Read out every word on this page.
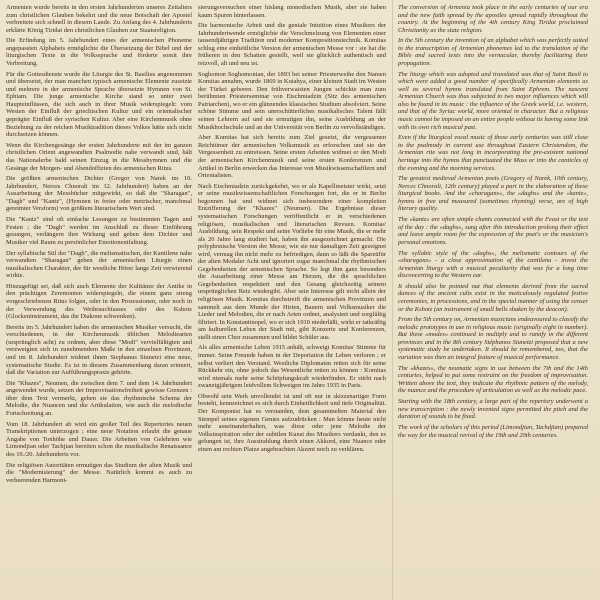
Armenien wurde bereits in den ersten Jahrhunderten unseres Zeitalters zum christlichen Glauben bekehrt und die neue Botschaft der Apostel verbreitete sich schnell in diesem Lande. Zu Anfang des 4. Jahrhunderts erklärte König Tiridat den christlichen Glauben zur Staatsreligion.

Die Erfindung im 5. Jahrhundert eines der armenischen Phoneme angepassten Alphabets ermöglichte die Übersetzung der Bibel und der liturgischen Texte in die Volkssprache und förderte somit ihre Verbreitung.

Für die Gottesdienste wurde die Liturgie des St. Basilius angenommen und übersetzt, der man manchen typisch armenische Elemente zusetzte und mehrere in der armenische Sprache übersetzte Hymnen von St. Ephiam. Die junge armenische Kirche stand so unter zwei Haupteinflüssen, die sich auch in ihrer Musik widerspiegelt: vom Westen der Einfluß der griechischen Kultur und ein orientalischer geprägter Einfluß der syrischen Kultur. Aber eine Kirchenmusik ohne Beziehung zu der reichen Musiktradition dieses Volkes hätte sich nicht durchsetzen können.

Wenn die Kirchengesänge der ersten Jahrhunderte mit der im ganzen christlichen Orient angewandten Psalmodie nahe verwandt sind, hält das Nationalerbe bald seinen Einzug in die Messhymnen und die Gesänge der Morgen- und Abendoffizien des armenischen Ritus.

Die größten armenischen Dichter (Gregor von Narek im 10. Jahrhundert, Nerces Chnorali im 12. Jahrhundert) haben an der Ausarbeitung der Messbücher mitgewirkt, so daß die "Sharagan", "Dagh" und "Kantz", (Hymnen in freier oder metrischer, manchmal gereimter Versform) von größtem literarischem Wert sind.

Die "Kantz" sind oft einfache Lesungen zu bestimmten Tagen und Festen ; die "Dagh" werden im Anschluß zu dieser Einführung gesungen, verlängern ihre Wirkung und geben dem Dichter und Musiker viel Raum zu persönlicher Emotionentfaltung.

Der syllabische Stil der "Dagh", die melismatischen, der Kantilene nahe verwandten "Sharagan" geben der armenischen Liturgie einen musikalischen Charakter, der für westliche Hörer lange Zeit verwierend wirkte.

Hinzugefügt sei, daß sich auch Elemente der Kulttänze der Antike in den prächtigen Zeremonien widerspiegeln, die einem ganz streng vorgeschriebenen Ritus folgen, oder in den Prozessionen, oder noch in der Verwendung des Weihrauchfasses oder des Kshotz (Glockeninstrument, das die Diakone schwenken).

Bereits im 5. Jahrhundert haben die armenischen Musiker versucht, die verschiedenen, in der Kirchenmusik üblichen Melodiearten (ursprünglich acht) zu ordnen, aber diese "Modi" vervielfältigten und verzweigten sich in zunehmendem Maße in den einzelnen Provinzen, und im 8. Jahrhundert widmet ihnen Stephanus Siunetzi eine neue, systematische Studie. Es ist in diesem Zusammenhang daran erinnert, daß die Variation zur Aufführungspraxis gehörte.

Die "Khazes", Neumen, die zwischen dem 7. und dem 14. Jahrhundert angewendet wurde, setzen der Improvisationsfreiheit gewisse Grenzen : über dem Text vermerkt, geben sie das rhythmische Schema der Melodie, die Nuancen und die Artikulation, wie auch die melodische Fortschreitung an.

Vom 18. Jahrhundert ab wird ein großer Teil des Repertories neuen Transkriptionen unterzogen ; eine neue Notation erlaubt die genaue Angabe von Tonhöhe und Dauer. Die Arbeiten von Gelehrten wie Limondjian oder Tachjian bereiten schon die musikalische Renaissance des 19./20. Jahrhunderts vor.

Die religiösen Autoritäten ermutigen das Studium der alten Musik und die "Modernisierung" der Messe. Natürlich kommt es auch zu verheerenden Harmoni-

sierungsversuchen einer hislang monodischen Musik, aber sie haben kaum Spuren hinterlassen.

Die harmonische Arbeit und die geniale Intuition eines Musikers der Jahrhundertwende ermöglichte die Verschmelzung von Elementen einer tausendjährigen Tradition und moderner Kompositionstechnik. Komitas schlug eine einheitliche Version der armenischen Messe vor : sie hat die früheren in den Schatten gestellt, weil sie glücklich authentisch und reizvoll, alt und neu ist.

Soghomon Soghomonian, der 1893 bei seiner Priesterweihe den Namen Komitas annahm, wurde 1869 in Kutahya, einer kleinen Stadt im Westen der Türkei geboren. Den frühverwaisten Jungen schickte man zum berühmten Priesterseminar von Etschmiadzin (Sitz des armenischen Patriarchen), wo er ein glänzendes klassisches Studium absolviert. Seine schöne Stimme und sein unerschütterliches musikalisches Talent fällt seinen Lehrern auf und sie ermutigen ihn, seine Ausbildung an der Musikhochschule und an der Universität von Berlin zu vervollständigen.

Aber Komitas hat sich bereits zum Ziel gesetzt, die vergessenen Reichtümer der armenischen Volksmusik zu erforschen und sie der Vergessenheit zu entreissen. Seine ersten Arbeiten widmet er den Modi der armenischen Kirchenmusik und seine ersten Konferenzen und Artikel in Berlin erwecken das Interesse von Musikwissenschaftlern und Orientalisten.

Nach Etschmiadzin zurückgekehrt, wo er als Kapellmeister wirkt, setzt er seine musikwissenschaftlichen Forschungen fort, die er in Berlin begonnen hat und widmet sich insbesondere einer kompletten Entzifferung der "Khazes" (Neumen). Die Ergebnisse dieser systematischen Forschungen veröffentlicht er in verschiedenen religiösen, musikalischen und literarischen Revuen. Komitas' Ausbildung, sein Respekt und seine Vorliebe für eine Musik, die er mehr als 20 Jahre lang studiert hat, haben ihn ausgezeichnet gemacht. Die polyphonische Version der Messe, wie sie nur damaligen Zeit gezeignet wird, vermag ihn nicht mehr zu befriedigen, dann so läßt die Sparzüfür der alten Modaler Acht und ignoriert sogar manchmal die rhythmischen Gegebenheiten der armenischen Sprache. So legt ihm ganz besonders die Ausarbeitung einer Messe am Herzen, die die sprachlichen Gegebenheiten respektiert und den Gesang gleichzeitig seinem ursprünglichen Reiz wiedergibt. Aber sein Interesse gilt nicht allein der religiösen Musik. Komitas durchstreift die armenischen Provinzen und sammelt aus dem Munde der Hirten, Bauern und Volksmusiker die Lieder und Melodien, die er nach Arten ordnet, analysiert und sorgfältig filtriert. In Konstantinopel, wo er sich 1910 niederläßt, wirkt er tatkräftig am kulturellen Leben der Stadt mit, gibt Konzerte und Konferenzen, stellt einen Chor zusammen und bildet Schüler aus.

Als alles armenische Leben 1915 anhält, schweigt Komitas' Stimme für immer. Seine Freunde haben in der Deportation ihr Leben verloren ; er selbst verliert den Verstand. Westliche Diplomaten retten sich für seine Rückkehr ein, ohne jedoch das Wesentliche retten zu können : Komitas wird niemals mehr seine Schöpfungskraft wiederfinden. Er stirbt nach zwanzigjährigem leidvollem Schweigen im Jahre 1935 in Paris.

Obwohl sein Werk unvollendet ist und oft nur in skizzenartiger Form besteht, kennzeichnet es sich durch Einheitlichkeit und tiefe Originalität. Der Komponist hat es verstanden, dem gesammelten Material den Stempel seines eigenen Genies aufzudrücken : Man könnte heute nicht mehr auseinanderhalten, was diese oder jene Melodie der Volksinspiration oder der subtilen Kunst des Musikers verdankt, den es gelungen ist, ihre Ausstrahlung durch einen Akkord, eine Nuance oder einen am rechten Platze angebrachten Akzent noch zu verklären.

The conversion of Armenia took place in the early centuries of our era and the new faith spread by the apostles spread rapidly throughout the country. At the beginning of the 4th century King Tiridat proclaimed Christianity as the state religion.

In the 5th century the invention of an alphabet which was perfectly suited to the transcription of Armenian phonemes led to the translation of the Bible and sacred texts into the vernacular, thereby facilitating their propagation.

The liturgy which was adopted and translated was that of Saint Basil to which were added a good number of specifically Armenian elements as well as several hymns translated from Saint Ephrem. The nascent Armenian Church was thus subjected to two major influences which will also be found in its music : the influence of the Greek world, i.e. western, and that of the Syriac world, more oriental in character. But a religious music cannot be imposed on an entire people without its having some link with its own rich musical past.

Even if the liturgical vocal music of those early centuries was still close to the psalmody in current use throughout Eastern Christendom, the Armenian rite was not long in incorporating the pre-existent national heritage into the hymns that punctuated the Mass or into the canticles of the evening and the morning services.

The greatest medieval Armenian poets (Gregory of Narek, 10th century, Nerces Chnorali, 12th century) played a part in the elaboration of these liturgical books. And the «charagans», the «daghs» and the «kantz», hymns in free and measured (sometimes rhyming) verse, are of high literary quality.

The «kantz» are often simple chants connected with the Feast or the text of the day : the «daghs», sung after this introduction prolong their effect and leave ample room for the expression of the poet's or the musician's personal emotions.

The syllabic style of the «daghs», the melismatic contours of the «sharagans» - a close approximation of the cantilena - invest the Armenian liturgy with a musical peculiarity that was for a long time disconcerting to the Western ear.

It should also be pointed out that elements derived from the sacred dances of the ancient cults exist in the meticulously regulated festive ceremonies, in processions, and in the special manner of using the censer or the Kshotz (an instrument of small bells shaken by the deacon).

From the 5th century on, Armenian musicians endeavoured to classify the melodic prototypes in use in religious music (originally eight in number). But these «modes» continued to multiply and to ramify in the different provinces and in the 8th century Stéphanos Siunetzi proposed that a new systematic study be undertaken. It should be remembered, too, that the variation was then an integral feature of musical performance.

The «khazes», the neumatic signs in use between the 7th and the 14th centuries, helped to put some restraint on the freedom of improvisation. Written above the text, they indicate the rhythmic pattern of the melody, the nuance and the procedure of articulation as well as the melodic pace.

Starting with the 18th century, a large part of the repertory underwent a new transcription : the newly invented signs permitted the pitch and the duration of sounds to be fixed.

The work of the scholars of this period (Limondjian, Tachdjian) prepared the way for the musical revival of the 19th and 20th centuries.
